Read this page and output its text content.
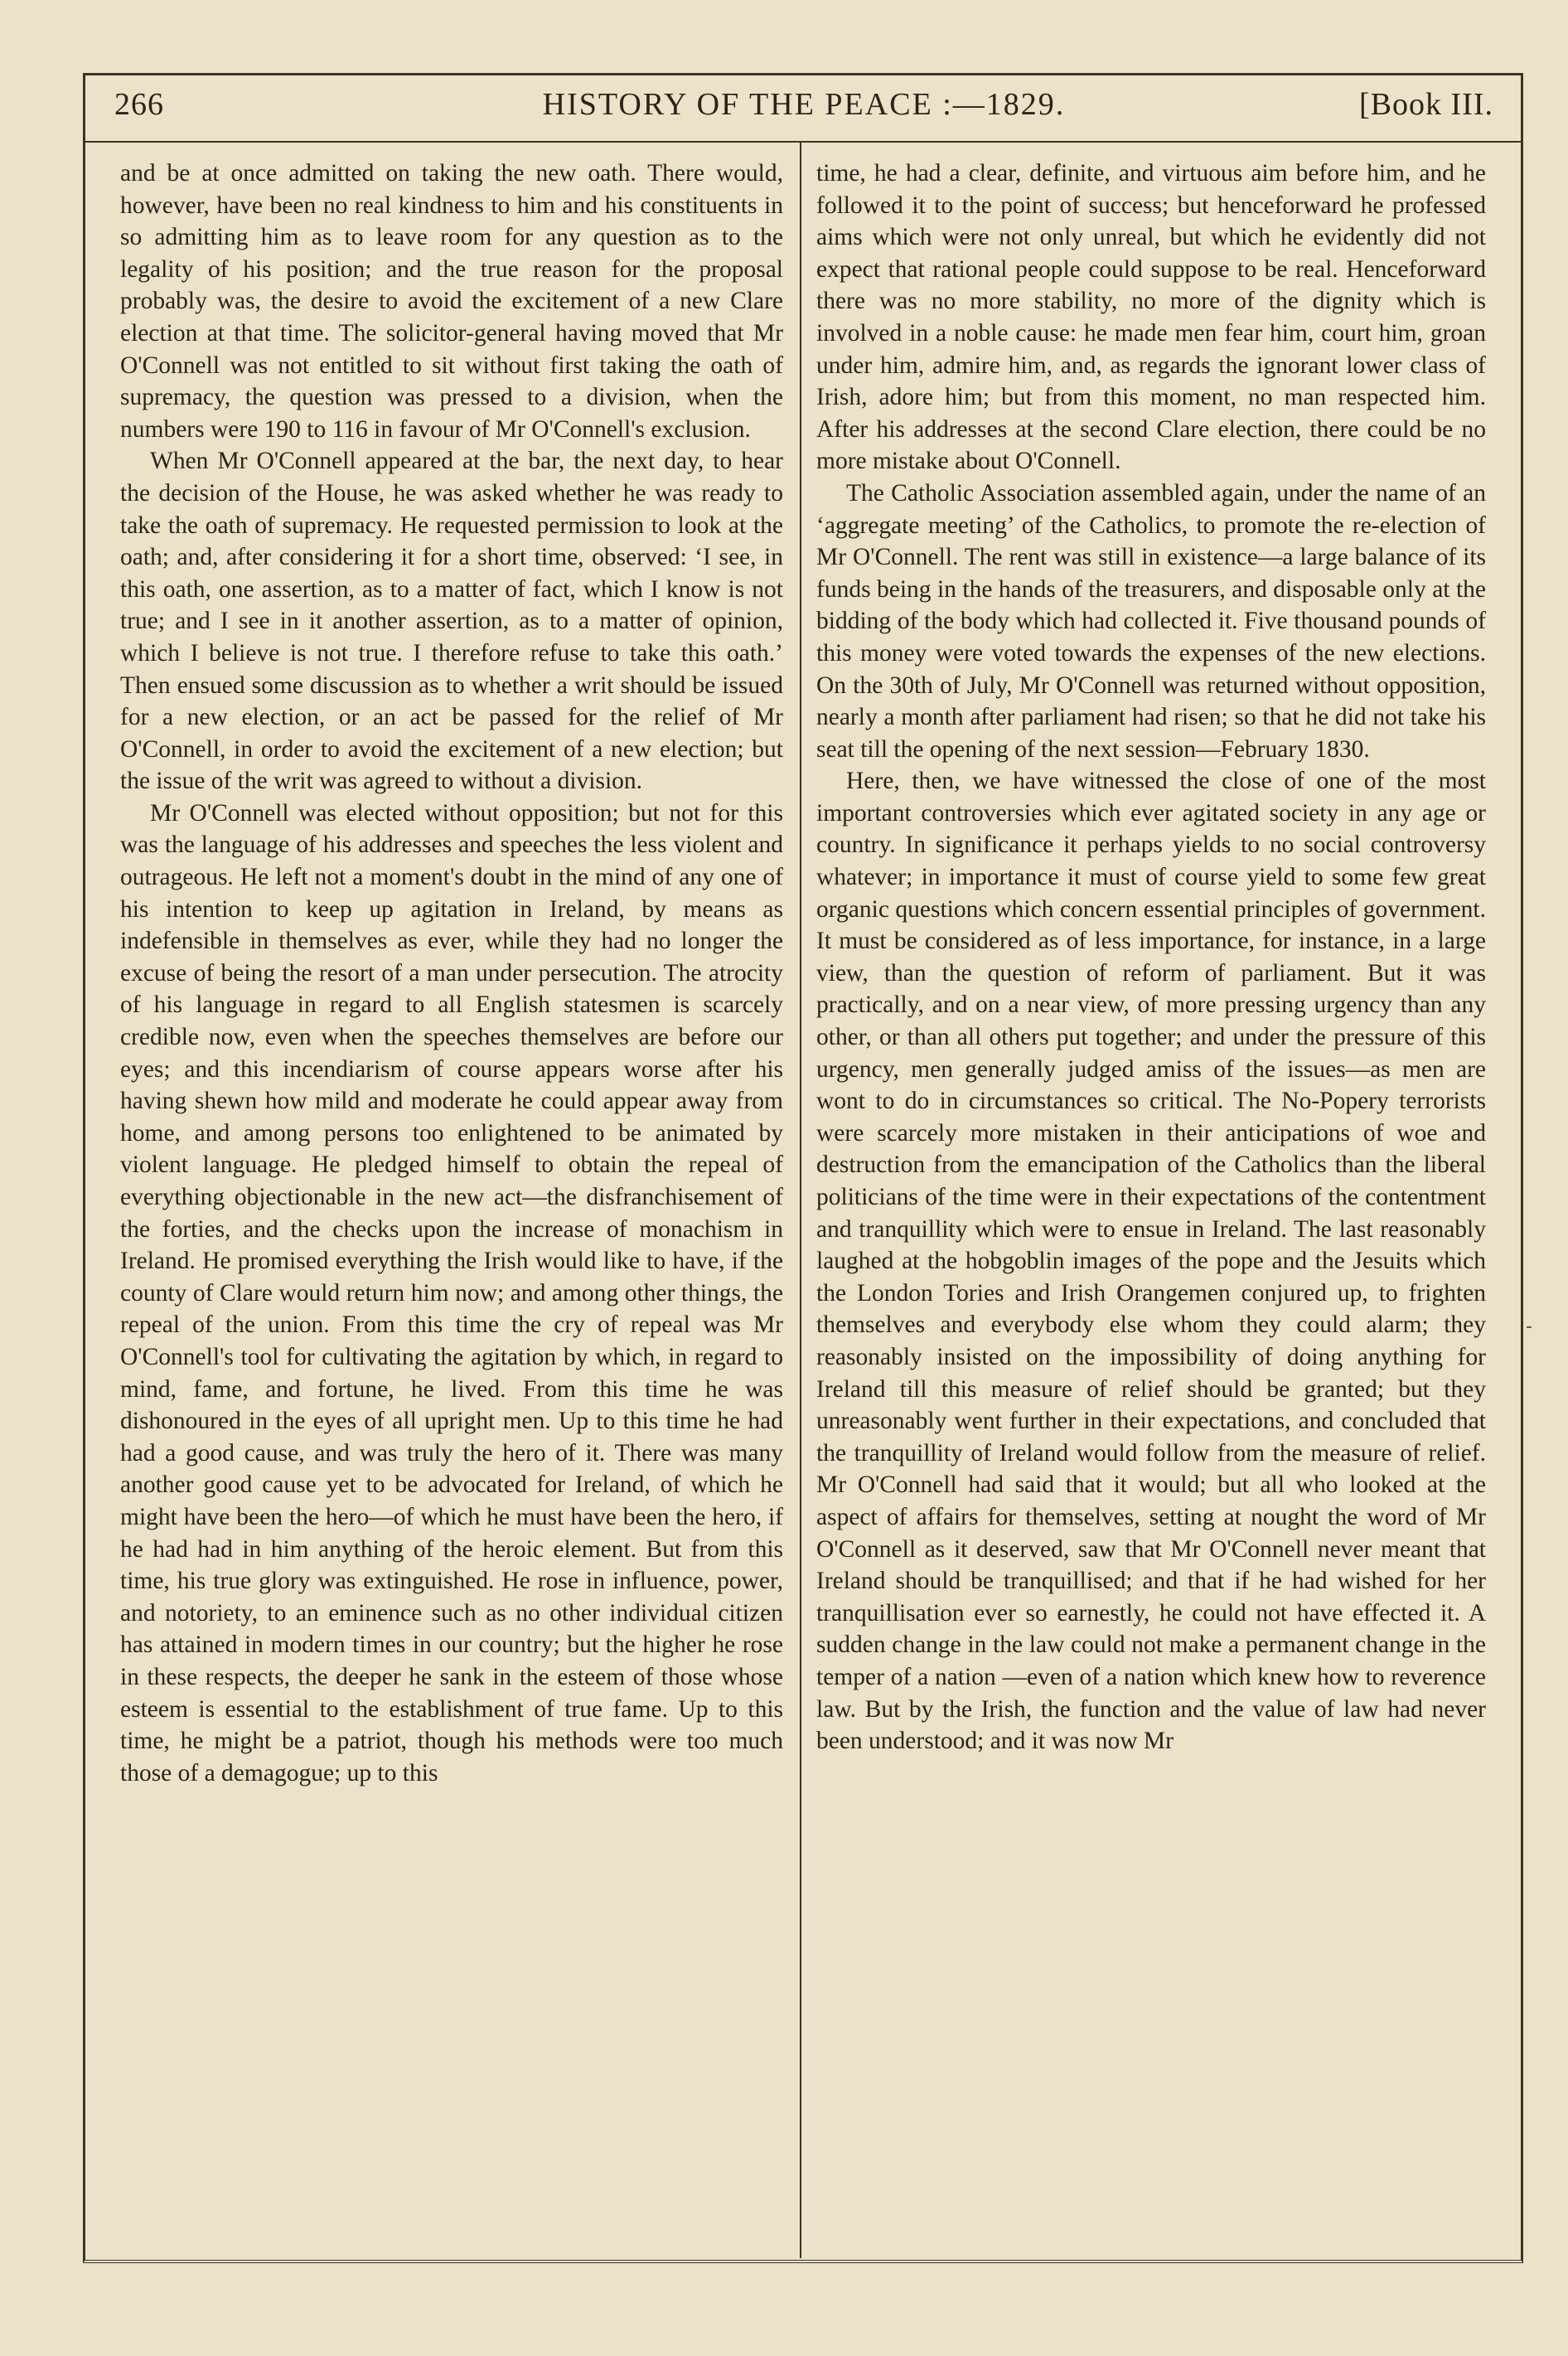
266	HISTORY OF THE PEACE :—1829.	[Book III.

and be at once admitted on taking the new oath. There would, however, have been no real kindness to him and his constituents in so admitting him as to leave room for any question as to the legality of his position; and the true reason for the proposal probably was, the desire to avoid the excitement of a new Clare election at that time. The solicitor-general having moved that Mr O'Connell was not entitled to sit without first taking the oath of supremacy, the question was pressed to a division, when the numbers were 190 to 116 in favour of Mr O'Connell's exclusion.

When Mr O'Connell appeared at the bar, the next day, to hear the decision of the House, he was asked whether he was ready to take the oath of supremacy. He requested permission to look at the oath; and, after considering it for a short time, observed: ‘I see, in this oath, one assertion, as to a matter of fact, which I know is not true; and I see in it another assertion, as to a matter of opinion, which I believe is not true. I therefore refuse to take this oath.’ Then ensued some discussion as to whether a writ should be issued for a new election, or an act be passed for the relief of Mr O'Connell, in order to avoid the excitement of a new election; but the issue of the writ was agreed to without a division.

Mr O'Connell was elected without opposition; but not for this was the language of his addresses and speeches the less violent and outrageous. He left not a moment's doubt in the mind of any one of his intention to keep up agitation in Ireland, by means as indefensible in themselves as ever, while they had no longer the excuse of being the resort of a man under persecution. The atrocity of his language in regard to all English statesmen is scarcely credible now, even when the speeches themselves are before our eyes; and this incendiarism of course appears worse after his having shewn how mild and moderate he could appear away from home, and among persons too enlightened to be animated by violent language. He pledged himself to obtain the repeal of everything objectionable in the new act—the disfranchisement of the forties, and the checks upon the increase of monachism in Ireland. He promised everything the Irish would like to have, if the county of Clare would return him now; and among other things, the repeal of the union. From this time the cry of repeal was Mr O'Connell's tool for cultivating the agitation by which, in regard to mind, fame, and fortune, he lived. From this time he was dishonoured in the eyes of all upright men. Up to this time he had had a good cause, and was truly the hero of it. There was many another good cause yet to be advocated for Ireland, of which he might have been the hero—of which he must have been the hero, if he had had in him anything of the heroic element. But from this time, his true glory was extinguished. He rose in influence, power, and notoriety, to an eminence such as no other individual citizen has attained in modern times in our country; but the higher he rose in these respects, the deeper he sank in the esteem of those whose esteem is essential to the establishment of true fame. Up to this time, he might be a patriot, though his methods were too much those of a demagogue; up to this

time, he had a clear, definite, and virtuous aim before him, and he followed it to the point of success; but henceforward he professed aims which were not only unreal, but which he evidently did not expect that rational people could suppose to be real. Henceforward there was no more stability, no more of the dignity which is involved in a noble cause: he made men fear him, court him, groan under him, admire him, and, as regards the ignorant lower class of Irish, adore him; but from this moment, no man respected him. After his addresses at the second Clare election, there could be no more mistake about O'Connell.

The Catholic Association assembled again, under the name of an ‘aggregate meeting’ of the Catholics, to promote the re-election of Mr O'Connell. The rent was still in existence—a large balance of its funds being in the hands of the treasurers, and disposable only at the bidding of the body which had collected it. Five thousand pounds of this money were voted towards the expenses of the new elections. On the 30th of July, Mr O'Connell was returned without opposition, nearly a month after parliament had risen; so that he did not take his seat till the opening of the next session—February 1830.

Here, then, we have witnessed the close of one of the most important controversies which ever agitated society in any age or country. In significance it perhaps yields to no social controversy whatever; in importance it must of course yield to some few great organic questions which concern essential principles of government. It must be considered as of less importance, for instance, in a large view, than the question of reform of parliament. But it was practically, and on a near view, of more pressing urgency than any other, or than all others put together; and under the pressure of this urgency, men generally judged amiss of the issues—as men are wont to do in circumstances so critical. The No-Popery terrorists were scarcely more mistaken in their anticipations of woe and destruction from the emancipation of the Catholics than the liberal politicians of the time were in their expectations of the contentment and tranquillity which were to ensue in Ireland. The last reasonably laughed at the hobgoblin images of the pope and the Jesuits which the London Tories and Irish Orangemen conjured up, to frighten themselves and everybody else whom they could alarm; they reasonably insisted on the impossibility of doing anything for Ireland till this measure of relief should be granted; but they unreasonably went further in their expectations, and concluded that the tranquillity of Ireland would follow from the measure of relief. Mr O'Connell had said that it would; but all who looked at the aspect of affairs for themselves, setting at nought the word of Mr O'Connell as it deserved, saw that Mr O'Connell never meant that Ireland should be tranquillised; and that if he had wished for her tranquillisation ever so earnestly, he could not have effected it. A sudden change in the law could not make a permanent change in the temper of a nation —even of a nation which knew how to reverence law. But by the Irish, the function and the value of law had never been understood; and it was now Mr
